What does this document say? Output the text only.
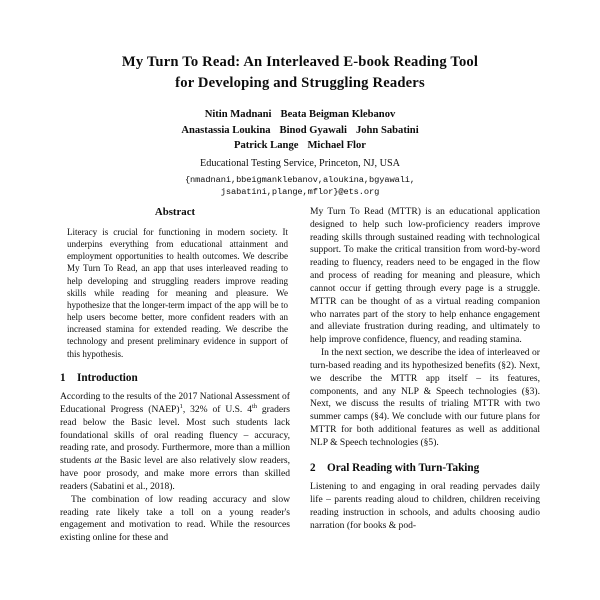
My Turn To Read: An Interleaved E-book Reading Tool
for Developing and Struggling Readers
Nitin Madnani Beata Beigman Klebanov
Anastassia Loukina Binod Gyawali John Sabatini
Patrick Lange Michael Flor
Educational Testing Service, Princeton, NJ, USA
{nmadnani,bbeigmanklebanov,aloukina,bgyawali,
jsabatini,plange,mflor}@ets.org
Abstract

Literacy is crucial for functioning in modern society. It underpins everything from educational attainment and employment opportunities to health outcomes. We describe My Turn To Read, an app that uses interleaved reading to help developing and struggling readers improve reading skills while reading for meaning and pleasure. We hypothesize that the longer-term impact of the app will be to help users become better, more confident readers with an increased stamina for extended reading. We describe the technology and present preliminary evidence in support of this hypothesis.

1	Introduction

According to the results of the 2017 National Assessment of Educational Progress (NAEP)$^1$, 32% of U.S. 4th graders read below the Basic level. Most such students lack foundational skills of oral reading fluency – accuracy, reading rate, and prosody. Furthermore, more than a million students at the Basic level are also relatively slow readers, have poor prosody, and make more errors than skilled readers (Sabatini et al., 2018).

The combination of low reading accuracy and slow reading rate likely take a toll on a young reader's engagement and motivation to read. While the resources existing online for these and

My Turn To Read (MTTR) is an educational application designed to help such low-proficiency readers improve reading skills through sustained reading with technological support. To make the critical transition from word-by-word reading to fluency, readers need to be engaged in the flow and process of reading for meaning and pleasure, which cannot occur if getting through every page is a struggle. MTTR can be thought of as a virtual reading companion who narrates part of the story to help enhance engagement and alleviate frustration during reading, and ultimately to help improve confidence, fluency, and reading stamina.

In the next section, we describe the idea of interleaved or turn-based reading and its hypothesized benefits (§2). Next, we describe the MTTR app itself – its features, components, and any NLP & Speech technologies (§3). Next, we discuss the results of trialing MTTR with two summer camps (§4). We conclude with our future plans for MTTR for both additional features as well as additional NLP & Speech technologies (§5).

2	Oral Reading with Turn-Taking

Listening to and engaging in oral reading pervades daily life – parents reading aloud to children, children receiving reading instruction in schools, and adults choosing audio narration (for books & pod-
